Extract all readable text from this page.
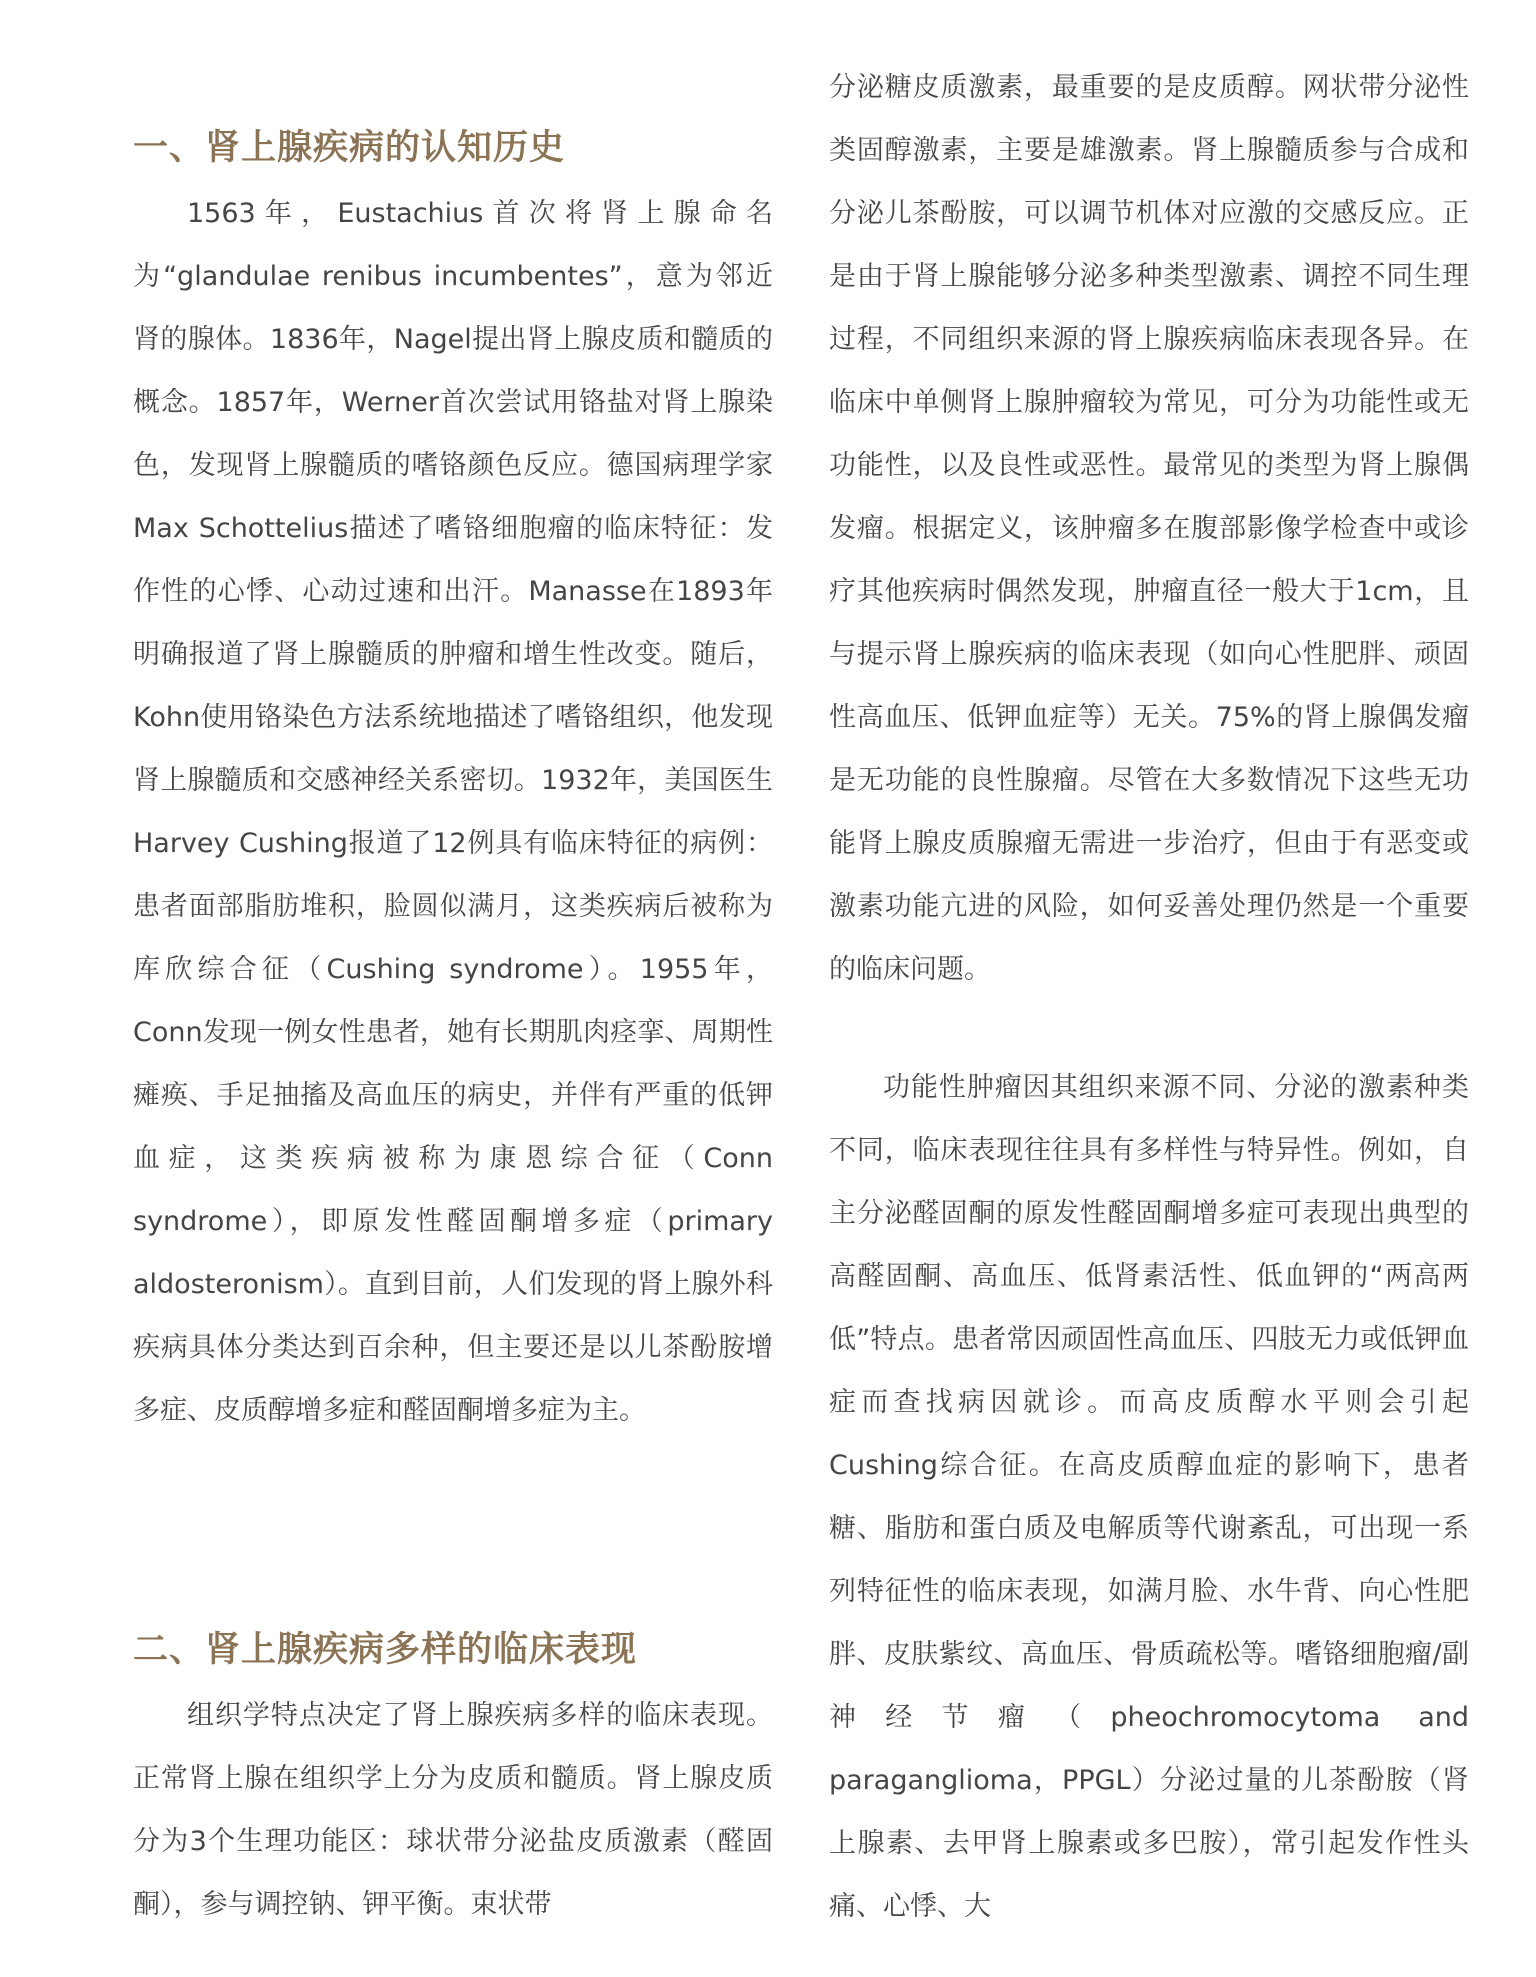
一、肾上腺疾病的认知历史

1563年，Eustachius首次将肾上腺命名为“glandulae renibus incumbentes”，意为邻近肾的腺体。1836年，Nagel提出肾上腺皮质和髓质的概念。1857年，Werner首次尝试用铬盐对肾上腺染色，发现肾上腺髓质的嗜铬颜色反应。德国病理学家Max Schottelius描述了嗜铬细胞瘤的临床特征：发作性的心悸、心动过速和出汗。Manasse在1893年明确报道了肾上腺髓质的肿瘤和增生性改变。随后，Kohn使用铬染色方法系统地描述了嗜铬组织，他发现肾上腺髓质和交感神经关系密切。1932年，美国医生Harvey Cushing报道了12例具有临床特征的病例：患者面部脂肪堆积，脸圆似满月，这类疾病后被称为库欣综合征（Cushing syndrome）。1955年，Conn发现一例女性患者，她有长期肌肉痉挛、周期性瘫痪、手足抽搐及高血压的病史，并伴有严重的低钾血症，这类疾病被称为康恩综合征（Conn syndrome），即原发性醛固酮增多症（primary aldosteronism）。直到目前，人们发现的肾上腺外科疾病具体分类达到百余种，但主要还是以儿茶酚胺增多症、皮质醇增多症和醛固酮增多症为主。

二、肾上腺疾病多样的临床表现

组织学特点决定了肾上腺疾病多样的临床表现。正常肾上腺在组织学上分为皮质和髓质。肾上腺皮质分为3个生理功能区：球状带分泌盐皮质激素（醛固酮），参与调控钠、钾平衡。束状带

分泌糖皮质激素，最重要的是皮质醇。网状带分泌性类固醇激素，主要是雄激素。肾上腺髓质参与合成和分泌儿茶酚胺，可以调节机体对应激的交感反应。正是由于肾上腺能够分泌多种类型激素、调控不同生理过程，不同组织来源的肾上腺疾病临床表现各异。在临床中单侧肾上腺肿瘤较为常见，可分为功能性或无功能性，以及良性或恶性。最常见的类型为肾上腺偶发瘤。根据定义，该肿瘤多在腹部影像学检查中或诊疗其他疾病时偶然发现，肿瘤直径一般大于1cm，且与提示肾上腺疾病的临床表现（如向心性肥胖、顽固性高血压、低钾血症等）无关。75%的肾上腺偶发瘤是无功能的良性腺瘤。尽管在大多数情况下这些无功能肾上腺皮质腺瘤无需进一步治疗，但由于有恶变或激素功能亢进的风险，如何妥善处理仍然是一个重要的临床问题。

功能性肿瘤因其组织来源不同、分泌的激素种类不同，临床表现往往具有多样性与特异性。例如，自主分泌醛固酮的原发性醛固酮增多症可表现出典型的高醛固酮、高血压、低肾素活性、低血钾的“两高两低”特点。患者常因顽固性高血压、四肢无力或低钾血症而查找病因就诊。而高皮质醇水平则会引起Cushing综合征。在高皮质醇血症的影响下，患者糖、脂肪和蛋白质及电解质等代谢紊乱，可出现一系列特征性的临床表现，如满月脸、水牛背、向心性肥胖、皮肤紫纹、高血压、骨质疏松等。嗜铬细胞瘤/副神经节瘤（pheochromocytoma and paraganglioma，PPGL）分泌过量的儿茶酚胺（肾上腺素、去甲肾上腺素或多巴胺），常引起发作性头痛、心悸、大
